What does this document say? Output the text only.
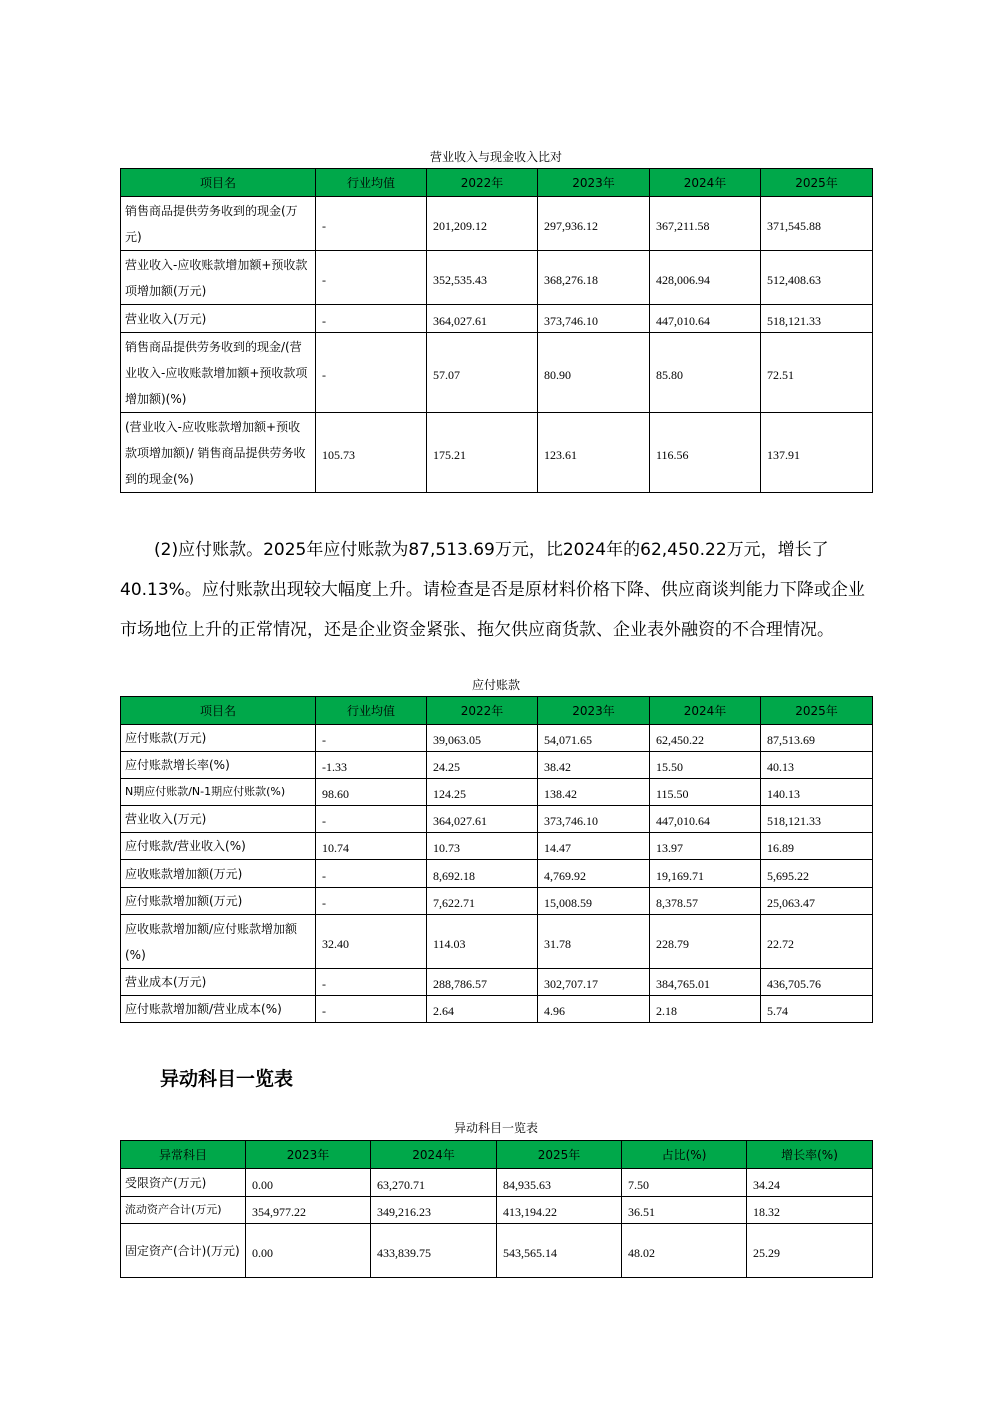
营业收入与现金收入比对
项目名	行业均值	2022年	2023年	2024年	2025年
销售商品提供劳务收到的现金(万元)	-	201,209.12	297,936.12	367,211.58	371,545.88
营业收入-应收账款增加额+预收款项增加额(万元)	-	352,535.43	368,276.18	428,006.94	512,408.63
营业收入(万元)	-	364,027.61	373,746.10	447,010.64	518,121.33
销售商品提供劳务收到的现金/(营业收入-应收账款增加额+预收款项增加额)(%)	-	57.07	80.90	85.80	72.51
(营业收入-应收账款增加额+预收款项增加额)/ 销售商品提供劳务收到的现金(%)	105.73	175.21	123.61	116.56	137.91
(2)应付账款。2025年应付账款为87,513.69万元，比2024年的62,450.22万元，增长了40.13%。应付账款出现较大幅度上升。请检查是否是原材料价格下降、供应商谈判能力下降或企业市场地位上升的正常情况，还是企业资金紧张、拖欠供应商货款、企业表外融资的不合理情况。
应付账款
项目名	行业均值	2022年	2023年	2024年	2025年
应付账款(万元)	-	39,063.05	54,071.65	62,450.22	87,513.69
应付账款增长率(%)	-1.33	24.25	38.42	15.50	40.13
N期应付账款/N-1期应付账款(%)	98.60	124.25	138.42	115.50	140.13
营业收入(万元)	-	364,027.61	373,746.10	447,010.64	518,121.33
应付账款/营业收入(%)	10.74	10.73	14.47	13.97	16.89
应收账款增加额(万元)	-	8,692.18	4,769.92	19,169.71	5,695.22
应付账款增加额(万元)	-	7,622.71	15,008.59	8,378.57	25,063.47
应收账款增加额/应付账款增加额(%)	32.40	114.03	31.78	228.79	22.72
营业成本(万元)	-	288,786.57	302,707.17	384,765.01	436,705.76
应付账款增加额/营业成本(%)	-	2.64	4.96	2.18	5.74
异动科目一览表
异动科目一览表
异常科目	2023年	2024年	2025年	占比(%)	增长率(%)
受限资产(万元)	0.00	63,270.71	84,935.63	7.50	34.24
流动资产合计(万元)	354,977.22	349,216.23	413,194.22	36.51	18.32
固定资产(合计)(万元)	0.00	433,839.75	543,565.14	48.02	25.29
